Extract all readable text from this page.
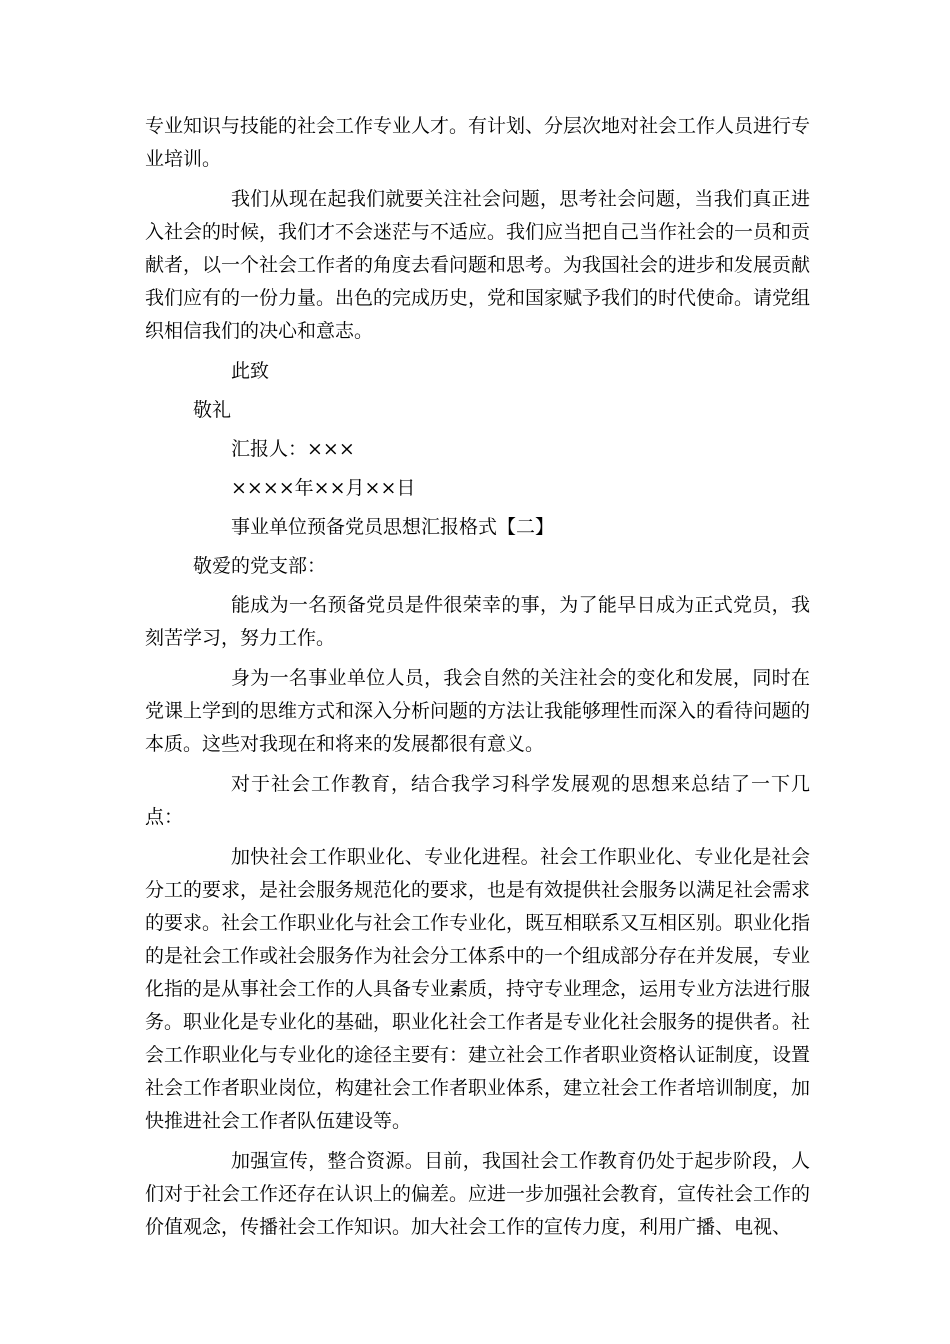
专业知识与技能的社会工作专业人才。有计划、分层次地对社会工作人员进行专业培训。

我们从现在起我们就要关注社会问题，思考社会问题，当我们真正进入社会的时候，我们才不会迷茫与不适应。我们应当把自己当作社会的一员和贡献者，以一个社会工作者的角度去看问题和思考。为我国社会的进步和发展贡献我们应有的一份力量。出色的完成历史，党和国家赋予我们的时代使命。请党组织相信我们的决心和意志。

此致

敬礼

汇报人：×××

××××年××月××日

事业单位预备党员思想汇报格式【二】

敬爱的党支部：

能成为一名预备党员是件很荣幸的事，为了能早日成为正式党员，我刻苦学习，努力工作。

身为一名事业单位人员，我会自然的关注社会的变化和发展，同时在党课上学到的思维方式和深入分析问题的方法让我能够理性而深入的看待问题的本质。这些对我现在和将来的发展都很有意义。

对于社会工作教育，结合我学习科学发展观的思想来总结了一下几点：

加快社会工作职业化、专业化进程。社会工作职业化、专业化是社会分工的要求，是社会服务规范化的要求，也是有效提供社会服务以满足社会需求的要求。社会工作职业化与社会工作专业化，既互相联系又互相区别。职业化指的是社会工作或社会服务作为社会分工体系中的一个组成部分存在并发展，专业化指的是从事社会工作的人具备专业素质，持守专业理念，运用专业方法进行服务。职业化是专业化的基础，职业化社会工作者是专业化社会服务的提供者。社会工作职业化与专业化的途径主要有：建立社会工作者职业资格认证制度，设置社会工作者职业岗位，构建社会工作者职业体系，建立社会工作者培训制度，加快推进社会工作者队伍建设等。

加强宣传，整合资源。目前，我国社会工作教育仍处于起步阶段，人们对于社会工作还存在认识上的偏差。应进一步加强社会教育，宣传社会工作的价值观念，传播社会工作知识。加大社会工作的宣传力度，利用广播、电视、
